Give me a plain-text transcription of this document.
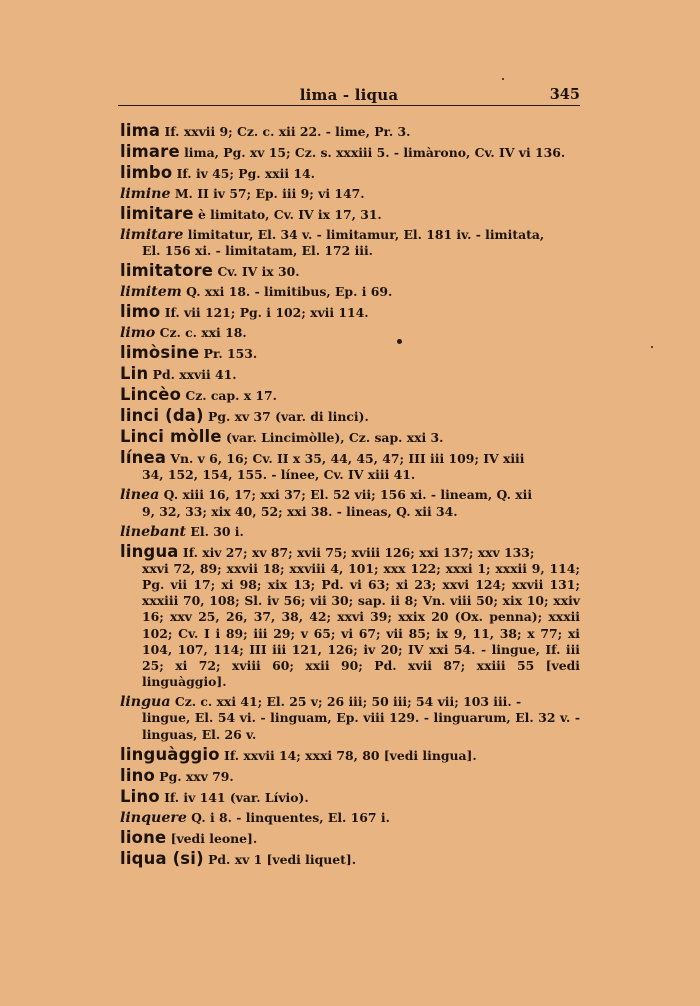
lima - liqua	345
lima If. xxvii 9; Cz. c. xii 22. - lime, Pr. 3.
limare lima, Pg. xv 15; Cz. s. xxxiii 5. - limàrono, Cv. IV vi 136.
limbo If. iv 45; Pg. xxii 14.
limine M. II iv 57; Ep. iii 9; vi 147.
limitare è limitato, Cv. IV ix 17, 31.
limitare limitatur, El. 34 v. - limitamur, El. 181 iv. - limitata,
El. 156 xi. - limitatam, El. 172 iii.
limitatore Cv. IV ix 30.
limitem Q. xxi 18. - limitibus, Ep. i 69.
limo If. vii 121; Pg. i 102; xvii 114.
limo Cz. c. xxi 18.
limòsine Pr. 153.
Lin Pd. xxvii 41.
Lincèo Cz. cap. x 17.
linci (da) Pg. xv 37 (var. di linci).
Linci mòlle (var. Lincimòlle), Cz. sap. xxi 3.
línea Vn. v 6, 16; Cv. II x 35, 44, 45, 47; III iii 109; IV xiii
34, 152, 154, 155. - línee, Cv. IV xiii 41.
linea Q. xiii 16, 17; xxi 37; El. 52 vii; 156 xi. - lineam, Q. xii
9, 32, 33; xix 40, 52; xxi 38. - lineas, Q. xii 34.
linebant El. 30 i.
lingua If. xiv 27; xv 87; xvii 75; xviii 126; xxi 137; xxv 133;
xxvi 72, 89; xxvii 18; xxviii 4, 101; xxx 122; xxxi 1; xxxii 9, 114; Pg. vii 17; xi 98; xix 13; Pd. vi 63; xi 23; xxvi 124; xxvii 131; xxxiii 70, 108; Sl. iv 56; vii 30; sap. ii 8; Vn. viii 50; xix 10; xxiv 16; xxv 25, 26, 37, 38, 42; xxvi 39; xxix 20 (Ox. penna); xxxii 102; Cv. I i 89; iii 29; v 65; vi 67; vii 85; ix 9, 11, 38; x 77; xi 104, 107, 114; III iii 121, 126; iv 20; IV xxi 54. - lingue, If. iii 25; xi 72; xviii 60; xxii 90; Pd. xvii 87; xxiii 55 [vedi linguàggio].
lingua Cz. c. xxi 41; El. 25 v; 26 iii; 50 iii; 54 vii; 103 iii. -
lingue, El. 54 vi. - linguam, Ep. viii 129. - linguarum, El. 32 v. - linguas, El. 26 v.
linguàggio If. xxvii 14; xxxi 78, 80 [vedi lingua].
lino Pg. xxv 79.
Lino If. iv 141 (var. Lívio).
linquere Q. i 8. - linquentes, El. 167 i.
lione [vedi leone].
liqua (si) Pd. xv 1 [vedi liquet].
